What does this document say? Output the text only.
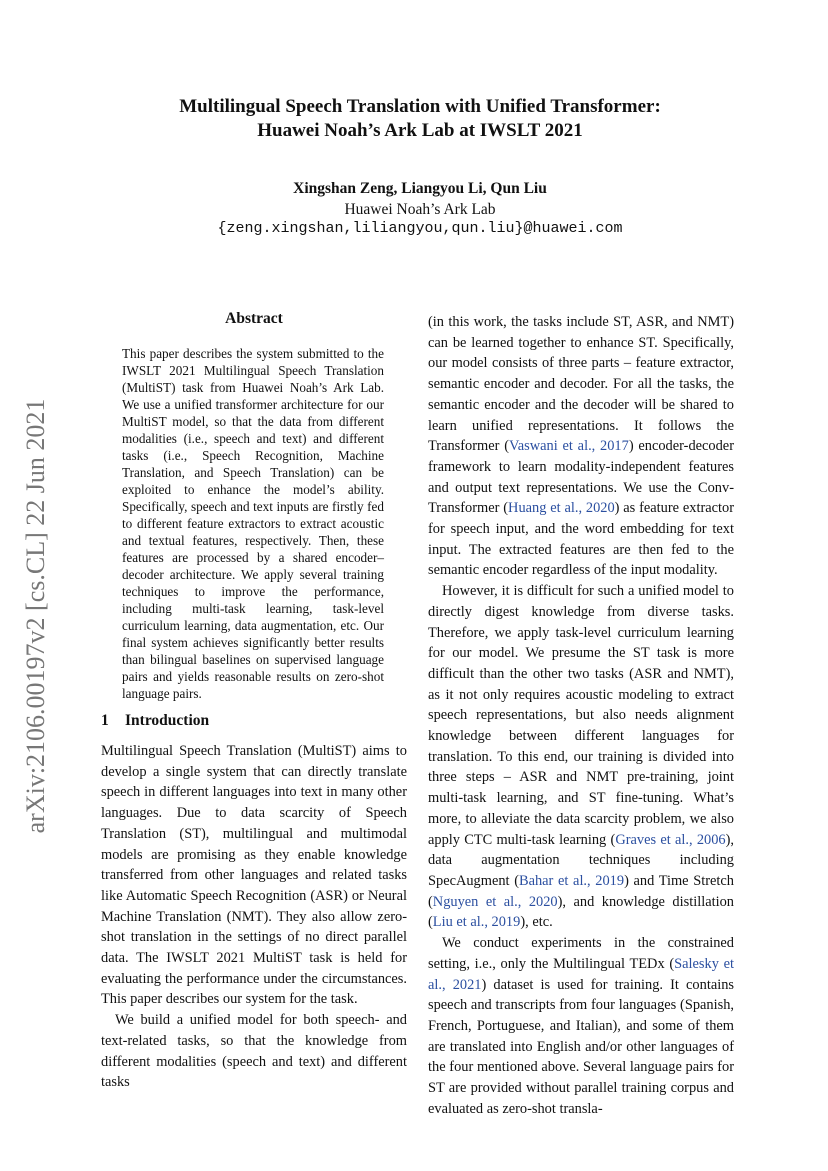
Multilingual Speech Translation with Unified Transformer:
Huawei Noah’s Ark Lab at IWSLT 2021
Xingshan Zeng, Liangyou Li, Qun Liu
Huawei Noah’s Ark Lab
{zeng.xingshan,liliangyou,qun.liu}@huawei.com
arXiv:2106.00197v2 [cs.CL] 22 Jun 2021
Abstract
This paper describes the system submitted to the IWSLT 2021 Multilingual Speech Translation (MultiST) task from Huawei Noah’s Ark Lab. We use a unified transformer architecture for our MultiST model, so that the data from different modalities (i.e., speech and text) and different tasks (i.e., Speech Recognition, Machine Translation, and Speech Translation) can be exploited to enhance the model’s ability. Specifically, speech and text inputs are firstly fed to different feature extractors to extract acoustic and textual features, respectively. Then, these features are processed by a shared encoder–decoder architecture. We apply several training techniques to improve the performance, including multi-task learning, task-level curriculum learning, data augmentation, etc. Our final system achieves significantly better results than bilingual baselines on supervised language pairs and yields reasonable results on zero-shot language pairs.
1 Introduction

Multilingual Speech Translation (MultiST) aims to develop a single system that can directly translate speech in different languages into text in many other languages. Due to data scarcity of Speech Translation (ST), multilingual and multimodal models are promising as they enable knowledge transferred from other languages and related tasks like Automatic Speech Recognition (ASR) or Neural Machine Translation (NMT). They also allow zero-shot translation in the settings of no direct parallel data. The IWSLT 2021 MultiST task is held for evaluating the performance under the circumstances. This paper describes our system for the task.

We build a unified model for both speech- and text-related tasks, so that the knowledge from different modalities (speech and text) and different tasks

(in this work, the tasks include ST, ASR, and NMT) can be learned together to enhance ST. Specifically, our model consists of three parts – feature extractor, semantic encoder and decoder. For all the tasks, the semantic encoder and the decoder will be shared to learn unified representations. It follows the Transformer (Vaswani et al., 2017) encoder-decoder framework to learn modality-independent features and output text representations. We use the Conv-Transformer (Huang et al., 2020) as feature extractor for speech input, and the word embedding for text input. The extracted features are then fed to the semantic encoder regardless of the input modality.

However, it is difficult for such a unified model to directly digest knowledge from diverse tasks. Therefore, we apply task-level curriculum learning for our model. We presume the ST task is more difficult than the other two tasks (ASR and NMT), as it not only requires acoustic modeling to extract speech representations, but also needs alignment knowledge between different languages for translation. To this end, our training is divided into three steps – ASR and NMT pre-training, joint multi-task learning, and ST fine-tuning. What’s more, to alleviate the data scarcity problem, we also apply CTC multi-task learning (Graves et al., 2006), data augmentation techniques including SpecAugment (Bahar et al., 2019) and Time Stretch (Nguyen et al., 2020), and knowledge distillation (Liu et al., 2019), etc.

We conduct experiments in the constrained setting, i.e., only the Multilingual TEDx (Salesky et al., 2021) dataset is used for training. It contains speech and transcripts from four languages (Spanish, French, Portuguese, and Italian), and some of them are translated into English and/or other languages of the four mentioned above. Several language pairs for ST are provided without parallel training corpus and evaluated as zero-shot transla-
